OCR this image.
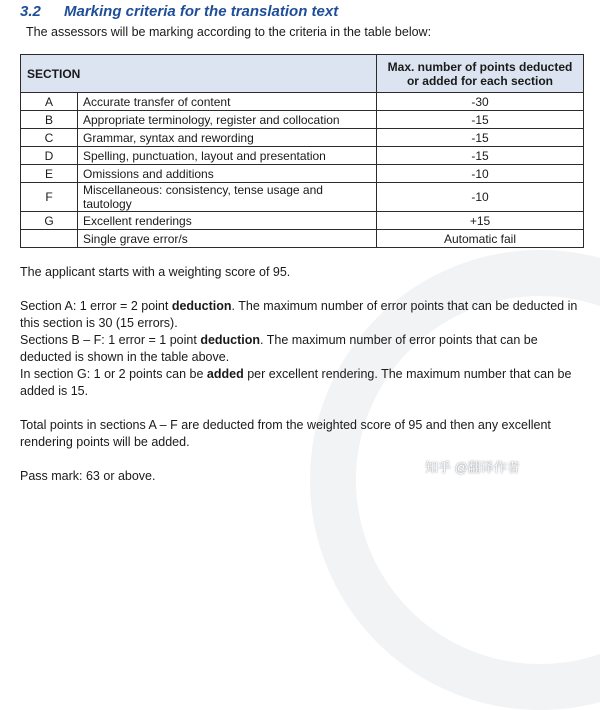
3.2 Marking criteria for the translation text
The assessors will be marking according to the criteria in the table below:
SECTION		Max. number of points deducted or added for each section
A	Accurate transfer of content	-30
B	Appropriate terminology, register and collocation	-15
C	Grammar, syntax and rewording	-15
D	Spelling, punctuation, layout and presentation	-15
E	Omissions and additions	-10
F	Miscellaneous: consistency, tense usage and tautology	-10
G	Excellent renderings	+15
	Single grave error/s	Automatic fail

The applicant starts with a weighting score of 95.

Section A: 1 error = 2 point deduction. The maximum number of error points that can be deducted in this section is 30 (15 errors).

Sections B – F: 1 error = 1 point deduction. The maximum number of error points that can be deducted is shown in the table above.

In section G: 1 or 2 points can be added per excellent rendering. The maximum number that can be added is 15.

Total points in sections A – F are deducted from the weighted score of 95 and then any excellent rendering points will be added.

Pass mark: 63 or above.

知乎 @翻译作者
